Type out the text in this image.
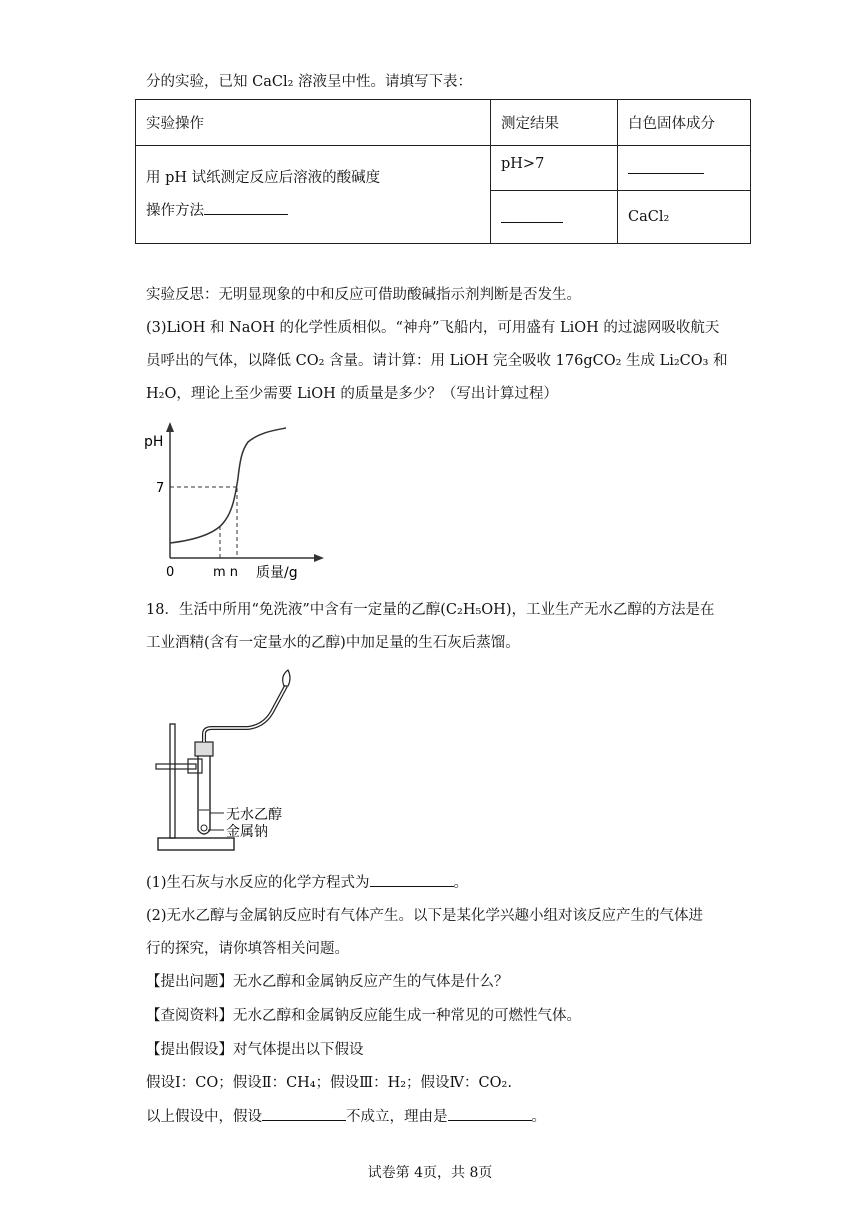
分的实验，已知 CaCl₂ 溶液呈中性。请填写下表：
实验操作	测定结果	白色固体成分

用 pH 试纸测定反应后溶液的酸碱度
操作方法	pH>7	
		CaCl₂
实验反思：无明显现象的中和反应可借助酸碱指示剂判断是否发生。
(3)LiOH 和 NaOH 的化学性质相似。“神舟”飞船内，可用盛有 LiOH 的过滤网吸收航天
员呼出的气体，以降低 CO₂ 含量。请计算：用 LiOH 完全吸收 176gCO₂ 生成 Li₂CO₃ 和
H₂O，理论上至少需要 LiOH 的质量是多少？（写出计算过程）
pH
7
0	m n 质量/g
18．生活中所用“免洗液”中含有一定量的乙醇(C₂H₅OH)，工业生产无水乙醇的方法是在
工业酒精(含有一定量水的乙醇)中加足量的生石灰后蒸馏。
无水乙醇
金属钠
(1)生石灰与水反应的化学方程式为	。
(2)无水乙醇与金属钠反应时有气体产生。以下是某化学兴趣小组对该反应产生的气体进
行的探究，请你填答相关问题。
【提出问题】无水乙醇和金属钠反应产生的气体是什么？
【查阅资料】无水乙醇和金属钠反应能生成一种常见的可燃性气体。
【提出假设】对气体提出以下假设
假设Ⅰ：CO；假设Ⅱ：CH₄；假设Ⅲ：H₂；假设Ⅳ：CO₂.
以上假设中，假设	不成立，理由是	。
试卷第 4页，共 8页
